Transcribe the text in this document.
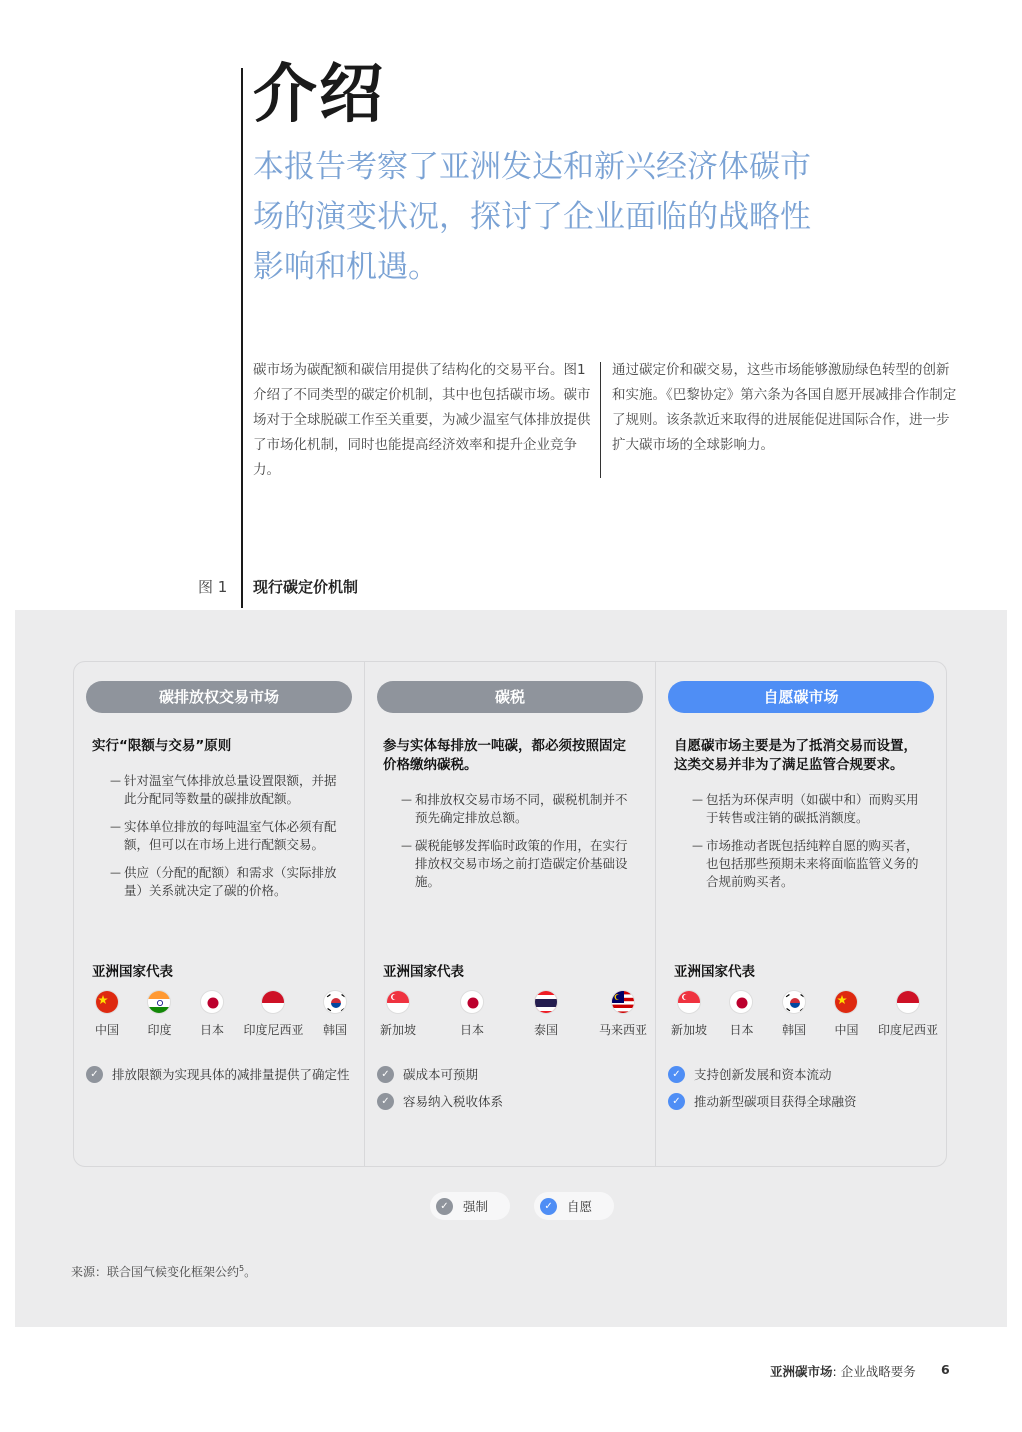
介绍
本报告考察了亚洲发达和新兴经济体碳市场的演变状况，探讨了企业面临的战略性影响和机遇。

碳市场为碳配额和碳信用提供了结构化的交易平台。图1介绍了不同类型的碳定价机制，其中也包括碳市场。碳市场对于全球脱碳工作至关重要，为减少温室气体排放提供了市场化机制，同时也能提高经济效率和提升企业竞争力。

通过碳定价和碳交易，这些市场能够激励绿色转型的创新和实施。《巴黎协定》第六条为各国自愿开展减排合作制定了规则。该条款近来取得的进展能促进国际合作，进一步扩大碳市场的全球影响力。

图 1 现行碳定价机制
碳排放权交易市场
实行“限额与交易”原则
— 针对温室气体排放总量设置限额，并据此分配同等数量的碳排放配额。
— 实体单位排放的每吨温室气体必须有配额，但可以在市场上进行配额交易。
— 供应（分配的配额）和需求（实际排放量）关系就决定了碳的价格。
亚洲国家代表
中国	印度	日本	印度尼西亚	韩国
✓	排放限额为实现具体的减排量提供了确定性
碳税
参与实体每排放一吨碳，都必须按照固定价格缴纳碳税。
— 和排放权交易市场不同，碳税机制并不预先确定排放总额。
— 碳税能够发挥临时政策的作用，在实行排放权交易市场之前打造碳定价基础设施。
亚洲国家代表
新加坡	日本	泰国	马来西亚
✓	碳成本可预期
✓	容易纳入税收体系
自愿碳市场
自愿碳市场主要是为了抵消交易而设置，这类交易并非为了满足监管合规要求。
— 包括为环保声明（如碳中和）而购买用于转售或注销的碳抵消额度。
— 市场推动者既包括纯粹自愿的购买者，也包括那些预期未来将面临监管义务的合规前购买者。
亚洲国家代表
新加坡	日本	韩国	中国	印度尼西亚
✓	支持创新发展和资本流动
✓	推动新型碳项目获得全球融资
✓	强制	✓	自愿
来源：联合国气候变化框架公约$^5$。
亚洲碳市场: 企业战略要务 6
